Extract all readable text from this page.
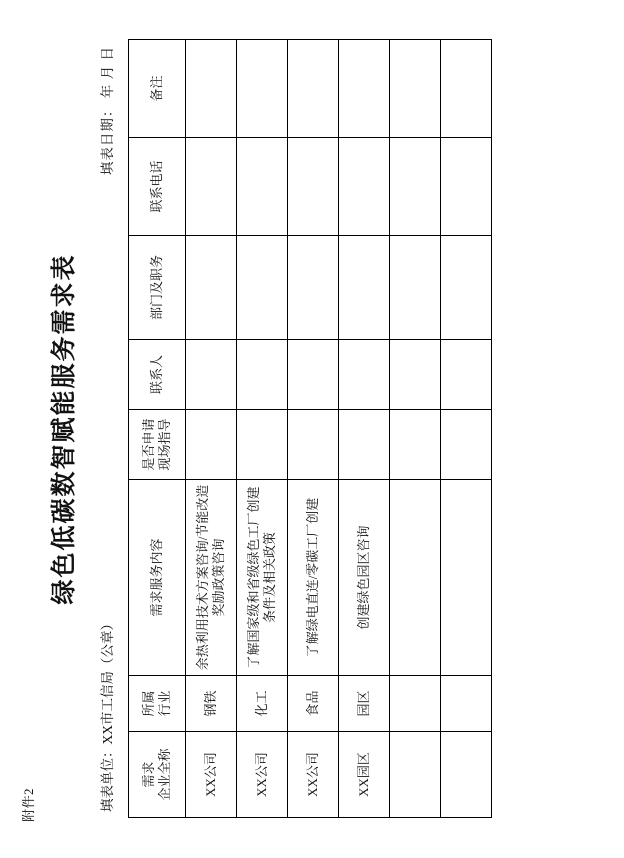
附件2
绿色低碳数智赋能服务需求表
填表单位：XX市工信局（公章）
填表日期： 年 月 日
需求 企业全称	所属 行业	需求服务内容	是否申请 现场指导	联系人	部门及职务	联系电话	备注

XX公司	钢铁	余热利用技术方案咨询/节能改造奖励政策咨询					
XX公司	化工	了解国家级和省级绿色工厂创建条件及相关政策					
XX公司	食品	了解绿电直连/零碳工厂创建					
XX园区	园区	创建绿色园区咨询					
